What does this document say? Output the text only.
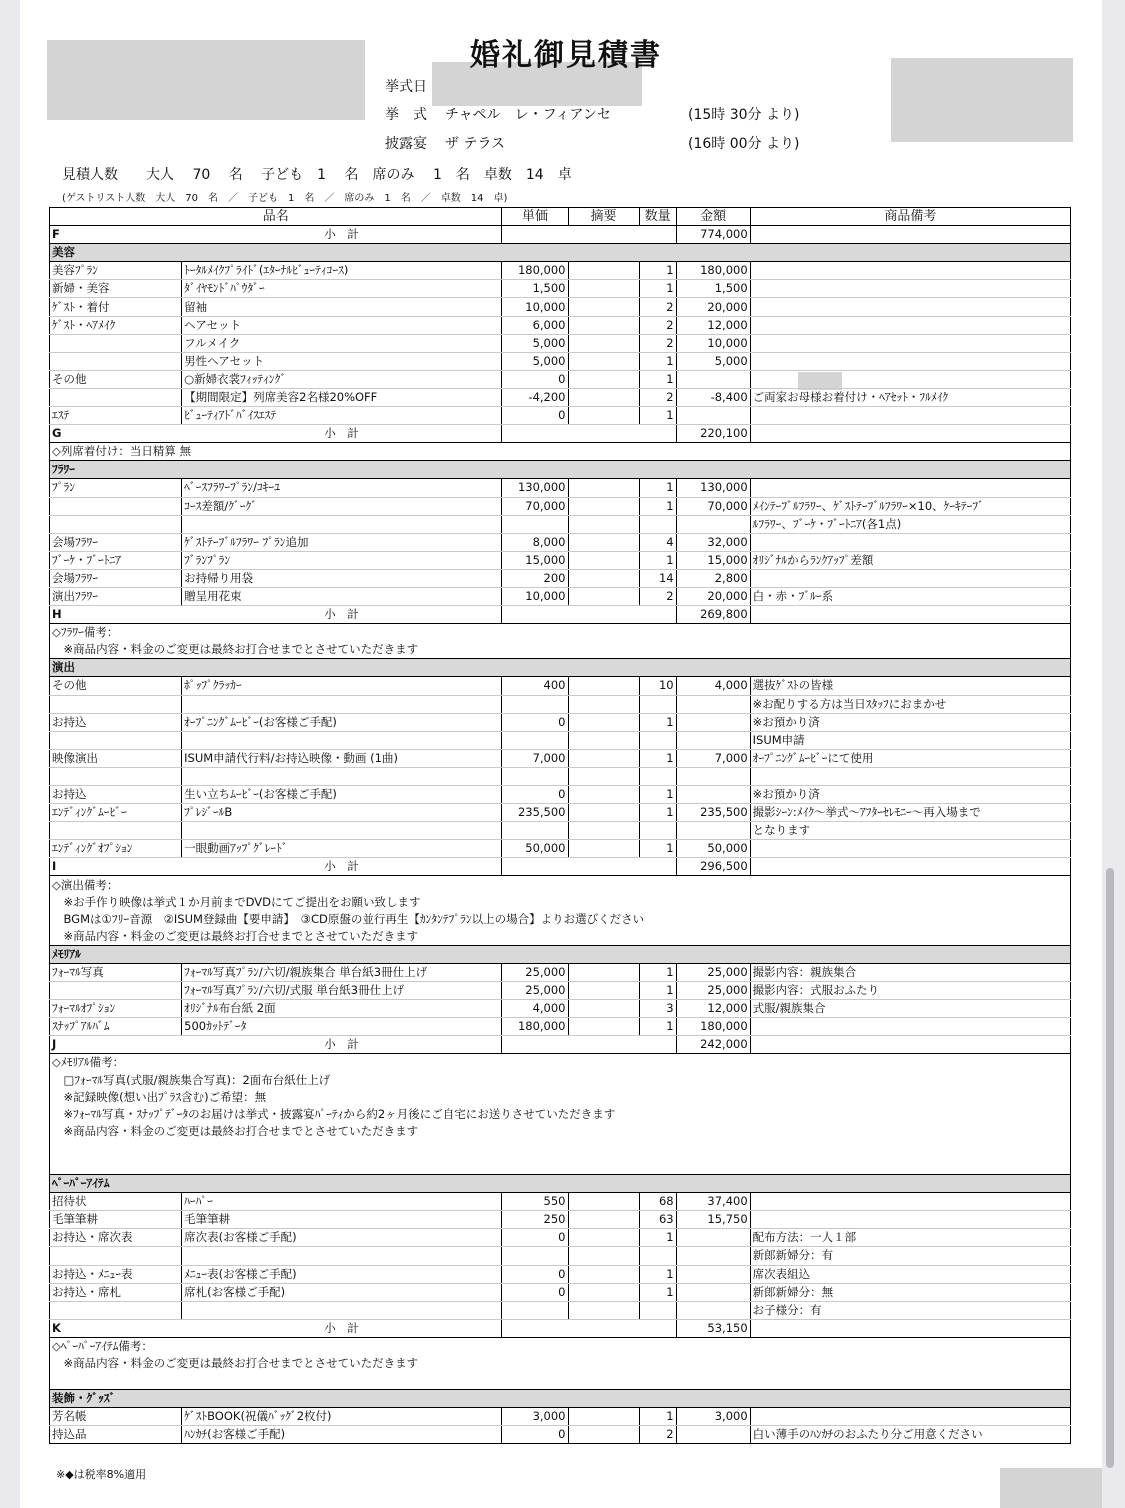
婚礼御見積書
挙式日
挙　式 チャペル　レ・フィアンセ	(15時 30分 より)
披露宴 ザ テラス	(16時 00分 より)
見積人数　　大人　 70　 名　 子ども　1　 名　席のみ　 1　名　卓数　14　卓
(ゲストリスト人数　大人　70　名　／　子ども　1　名　／　席のみ　1　名　／　卓数　14　卓)
品名		単価	摘要	数量	金額	商品備考
F	小　計				774,000	
美容						
美容ﾌﾟﾗﾝ	ﾄｰﾀﾙﾒｲｸﾌﾟﾗｲﾄﾞ(ｴﾀｰﾅﾙﾋﾞｭｰﾃｨｺｰｽ)	180,000		1	180,000	
新婦・美容	ﾀﾞｲﾔﾓﾝﾄﾞﾊﾟｳﾀﾞｰ	1,500		1	1,500	
ｹﾞｽﾄ・着付	留袖	10,000		2	20,000	
ｹﾞｽﾄ・ﾍｱﾒｲｸ	ヘアセット	6,000		2	12,000	
	フルメイク	5,000		2	10,000	
	男性ヘアセット	5,000		1	5,000	
その他	○新婦衣裳ﾌｨｯﾃｨﾝｸﾞ	0		1		
	【期間限定】列席美容2名様20%OFF	-4,200		2	-8,400	ご両家お母様お着付け・ﾍｱｾｯﾄ・ﾌﾙﾒｲｸ
ｴｽﾃ	ﾋﾞｭｰﾃｨｱﾄﾞﾊﾞｲｽｴｽﾃ	0		1		
G	小　計				220,100	
◇列席着付け：当日精算 無						
ﾌﾗﾜｰ						
ﾌﾟﾗﾝ	ﾍﾞｰｽﾌﾗﾜｰﾌﾟﾗﾝ/ｺｷｰﾕ	130,000		1	130,000	
	ｺｰｽ差額/ｸﾞｰｸﾞ	70,000		1	70,000	ﾒｲﾝﾃｰﾌﾞﾙﾌﾗﾜｰ、ｹﾞｽﾄﾃｰﾌﾞﾙﾌﾗﾜｰ×10、ｹｰｷﾃｰﾌﾞ
						ﾙﾌﾗﾜｰ、ﾌﾞｰｹ・ﾌﾞｰﾄﾆｱ(各1点)
会場ﾌﾗﾜｰ	ｹﾞｽﾄﾃｰﾌﾞﾙﾌﾗﾜｰ ﾌﾟﾗﾝ追加	8,000		4	32,000	
ﾌﾞｰｹ・ﾌﾞｰﾄﾆｱ	ﾌﾞﾗﾝﾌﾟﾗﾝ	15,000		1	15,000	ｵﾘｼﾞﾅﾙからﾗﾝｸｱｯﾌﾟ差額
会場ﾌﾗﾜｰ	お持帰り用袋	200		14	2,800	
演出ﾌﾗﾜｰ	贈呈用花束	10,000		2	20,000	白・赤・ﾌﾞﾙｰ系
H	小　計				269,800	
◇ﾌﾗﾜｰ備考：						
　※商品内容・料金のご変更は最終お打合せまでとさせていただきます						
演出						
その他	ﾎﾟｯﾌﾟｸﾗｯｶｰ	400		10	4,000	選抜ｹﾞｽﾄの皆様
						※お配りする方は当日ｽﾀｯﾌにおまかせ
お持込	ｵｰﾌﾟﾆﾝｸﾞﾑｰﾋﾞｰ(お客様ご手配)	0		1		※お預かり済
						ISUM申請
映像演出	ISUM申請代行料/お持込映像・動画 (1曲)	7,000		1	7,000	ｵｰﾌﾟﾆﾝｸﾞﾑｰﾋﾞｰにて使用

お持込	生い立ちﾑｰﾋﾞｰ(お客様ご手配)	0		1		※お預かり済
ｴﾝﾃﾞｨﾝｸﾞﾑｰﾋﾞｰ	ﾌﾟﾚｼﾞｰﾙB	235,500		1	235,500	撮影ｼｰﾝ:ﾒｲｸ～挙式～ｱﾌﾀｰｾﾚﾓﾆｰ～再入場まで
						となります
ｴﾝﾃﾞｨﾝｸﾞｵﾌﾟｼｮﾝ	一眼動画ｱｯﾌﾟｸﾞﾚｰﾄﾞ	50,000		1	50,000	
I	小　計				296,500	
◇演出備考：						
　※お手作り映像は挙式１か月前までDVDにてご提出をお願い致します						
　BGMは①ﾌﾘｰ音源　②ISUM登録曲【要申請】　③CD原盤の並行再生【ｶﾝﾀﾝﾃﾌﾟﾗﾝ以上の場合】よりお選びください						
　※商品内容・料金のご変更は最終お打合せまでとさせていただきます						
ﾒﾓﾘｱﾙ						
ﾌｫｰﾏﾙ写真	ﾌｫｰﾏﾙ写真ﾌﾟﾗﾝ/六切/親族集合 単台紙3冊仕上げ	25,000		1	25,000	撮影内容：親族集合
	ﾌｫｰﾏﾙ写真ﾌﾟﾗﾝ/六切/式服 単台紙3冊仕上げ	25,000		1	25,000	撮影内容：式服おふたり
ﾌｫｰﾏﾙｵﾌﾟｼｮﾝ	ｵﾘｼﾞﾅﾙ布台紙 2面	4,000		3	12,000	式服/親族集合
ｽﾅｯﾌﾟｱﾙﾊﾞﾑ	500ｶｯﾄﾃﾞｰﾀ	180,000		1	180,000	
J	小　計				242,000	
◇ﾒﾓﾘｱﾙ備考：						
　□ﾌｫｰﾏﾙ写真(式服/親族集合写真)：2面布台紙仕上げ						
　※記録映像(想い出ﾌﾟﾗｽ含む)ご希望：無						
　※ﾌｫｰﾏﾙ写真・ｽﾅｯﾌﾟﾃﾞｰﾀのお届けは挙式・披露宴ﾊﾟｰﾃｨから約2ヶ月後にご自宅にお送りさせていただきます						
　※商品内容・料金のご変更は最終お打合せまでとさせていただきます						

ﾍﾟｰﾊﾟｰｱｲﾃﾑ						
招待状	ﾊｰﾊﾟｰ	550		68	37,400	
毛筆筆耕	毛筆筆耕	250		63	15,750	
お持込・席次表	席次表(お客様ご手配)	0		1		配布方法：一人１部
						新郎新婦分：有
お持込・ﾒﾆｭｰ表	ﾒﾆｭｰ表(お客様ご手配)	0		1		席次表組込
お持込・席札	席札(お客様ご手配)	0		1		新郎新婦分：無
						お子様分：有
K	小　計				53,150	
◇ﾍﾟｰﾊﾟｰｱｲﾃﾑ備考：						
　※商品内容・料金のご変更は最終お打合せまでとさせていただきます						

装飾・ｸﾞｯｽﾞ						
芳名帳	ｹﾞｽﾄBOOK(祝儀ﾊﾞｯｸﾞ2枚付)	3,000		1	3,000	
持込品	ﾊﾝｶﾁ(お客様ご手配)	0		2		白い薄手のﾊﾝｶﾁのおふたり分ご用意ください
※◆は税率8%適用
